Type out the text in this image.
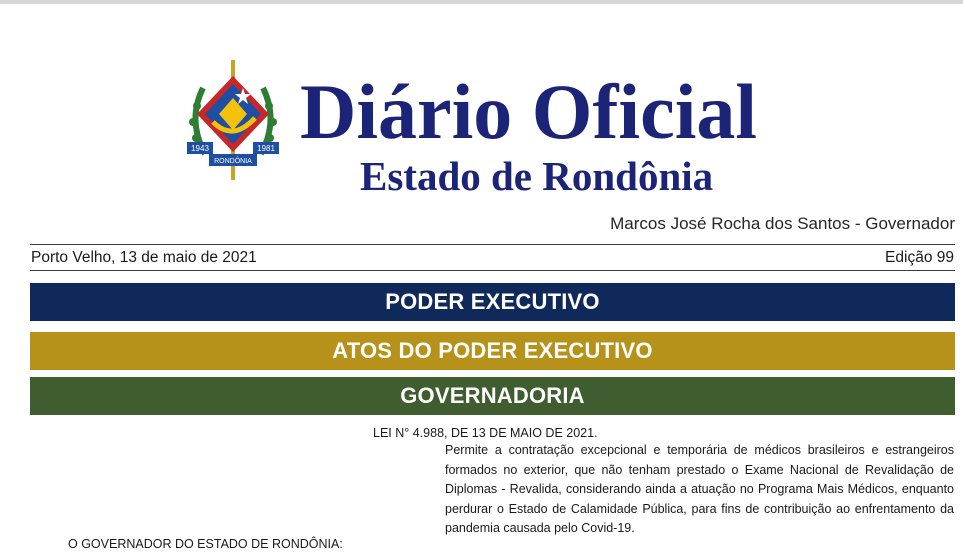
1943	1981
RONDÔNIA
Diário Oficial
Estado de Rondônia
Marcos José Rocha dos Santos - Governador
Porto Velho, 13 de maio de 2021	Edição 99
PODER EXECUTIVO
ATOS DO PODER EXECUTIVO
GOVERNADORIA
LEI N° 4.988, DE 13 DE MAIO DE 2021.

Permite a contratação excepcional e temporária de médicos brasileiros e estrangeiros formados no exterior, que não tenham prestado o Exame Nacional de Revalidação de Diplomas - Revalida, considerando ainda a atuação no Programa Mais Médicos, enquanto perdurar o Estado de Calamidade Pública, para fins de contribuição ao enfrentamento da pandemia causada pelo Covid-19.

O GOVERNADOR DO ESTADO DE RONDÔNIA:
